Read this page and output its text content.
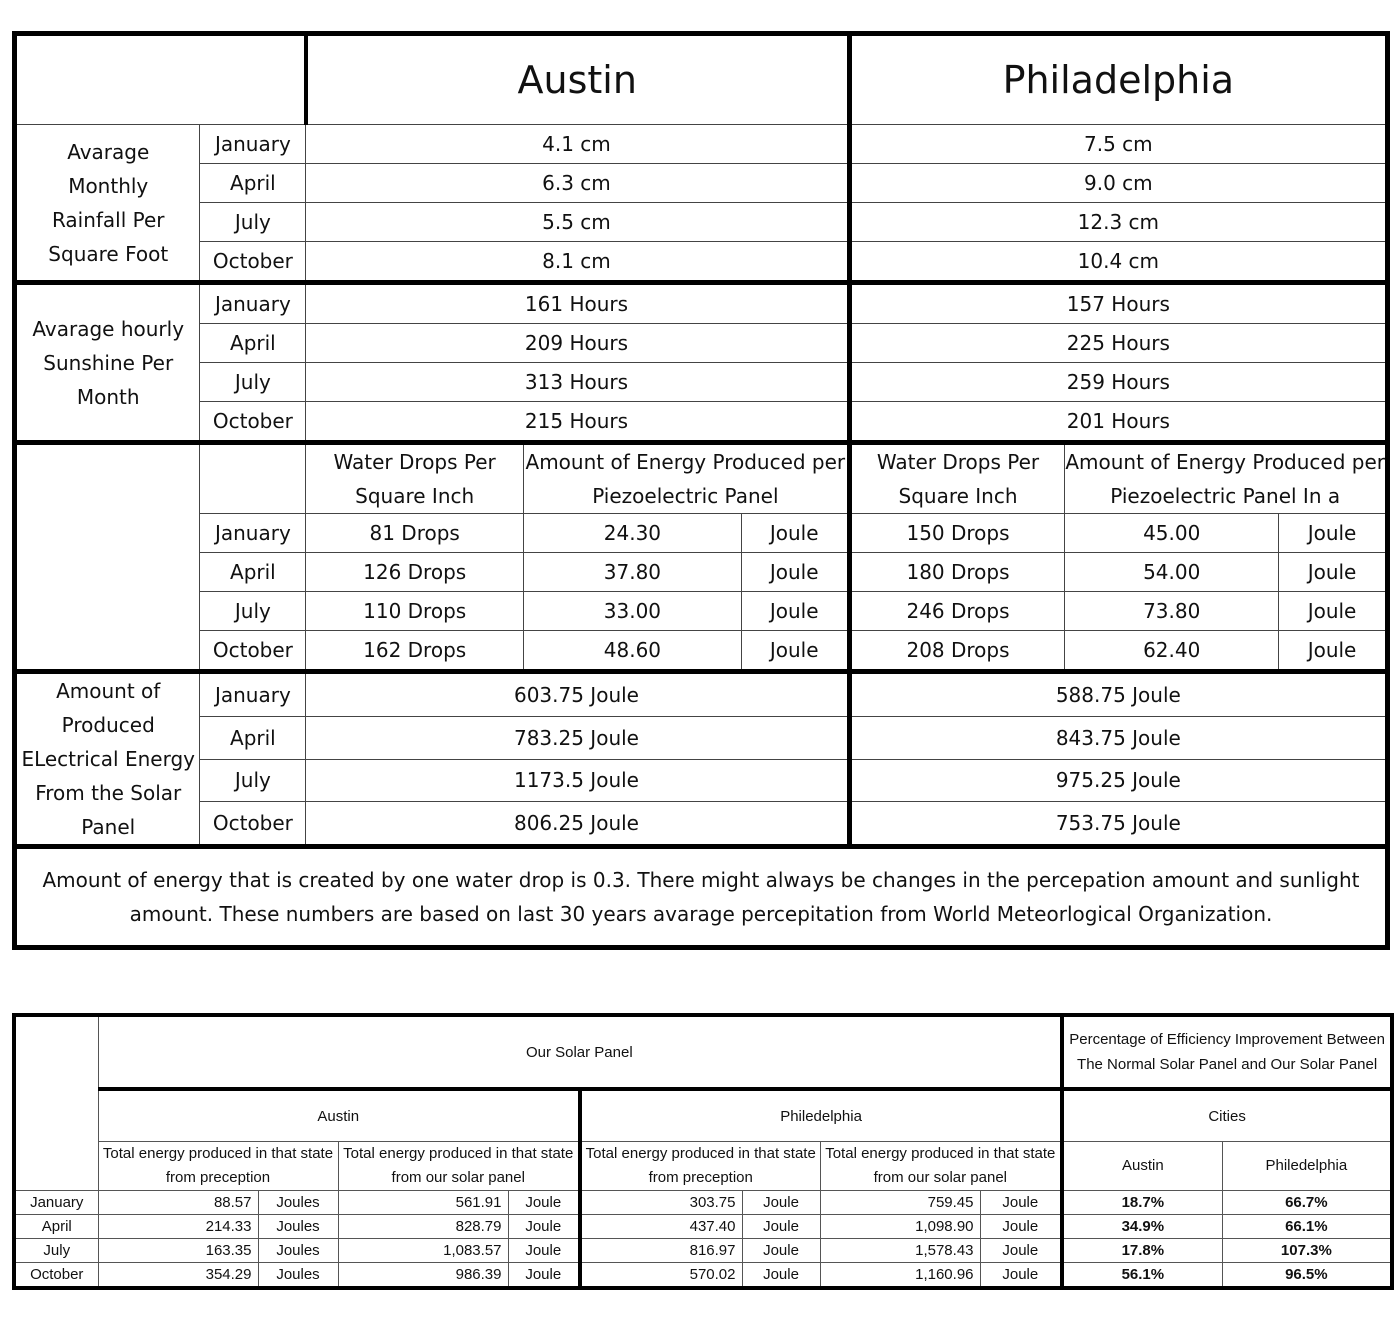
		Austin			Philadelphia		
Avarage
Monthly
Rainfall Per
Square Foot	January	4.1 cm			7.5 cm		
	April	6.3 cm			9.0 cm		
	July	5.5 cm			12.3 cm		
	October	8.1 cm			10.4 cm		
Avarage hourly
Sunshine Per
Month	January	161 Hours			157 Hours		
	April	209 Hours			225 Hours		
	July	313 Hours			259 Hours		
	October	215 Hours			201 Hours		
		Water Drops Per Square Inch	Amount of Energy Produced per Piezoelectric Panel		Water Drops Per Square Inch	Amount of Energy Produced per Piezoelectric Panel In a	
	January	81 Drops	24.30	Joule	150 Drops	45.00	Joule
	April	126 Drops	37.80	Joule	180 Drops	54.00	Joule
	July	110 Drops	33.00	Joule	246 Drops	73.80	Joule
	October	162 Drops	48.60	Joule	208 Drops	62.40	Joule
Amount of
Produced
ELectrical Energy
From the Solar
Panel	January	603.75 Joule			588.75 Joule		
	April	783.25 Joule			843.75 Joule		
	July	1173.5 Joule			975.25 Joule		
	October	806.25 Joule			753.75 Joule		
Amount of energy that is created by one water drop is 0.3. There might always be changes in the percepation amount and sunlight amount. These numbers are based on last 30 years avarage percepitation from World Meteorlogical Organization.							
	Our Solar Panel								Percentage of Efficiency Improvement Between The Normal Solar Panel and Our Solar Panel	
	Austin				Philedelphia				Cities	
	Total energy produced in that state from preception		Total energy produced in that state from our solar panel		Total energy produced in that state from preception		Total energy produced in that state from our solar panel		Austin	Philedelphia
January	88.57	Joules	561.91	Joule	303.75	Joule	759.45	Joule	18.7%	66.7%
April	214.33	Joules	828.79	Joule	437.40	Joule	1,098.90	Joule	34.9%	66.1%
July	163.35	Joules	1,083.57	Joule	816.97	Joule	1,578.43	Joule	17.8%	107.3%
October	354.29	Joules	986.39	Joule	570.02	Joule	1,160.96	Joule	56.1%	96.5%
